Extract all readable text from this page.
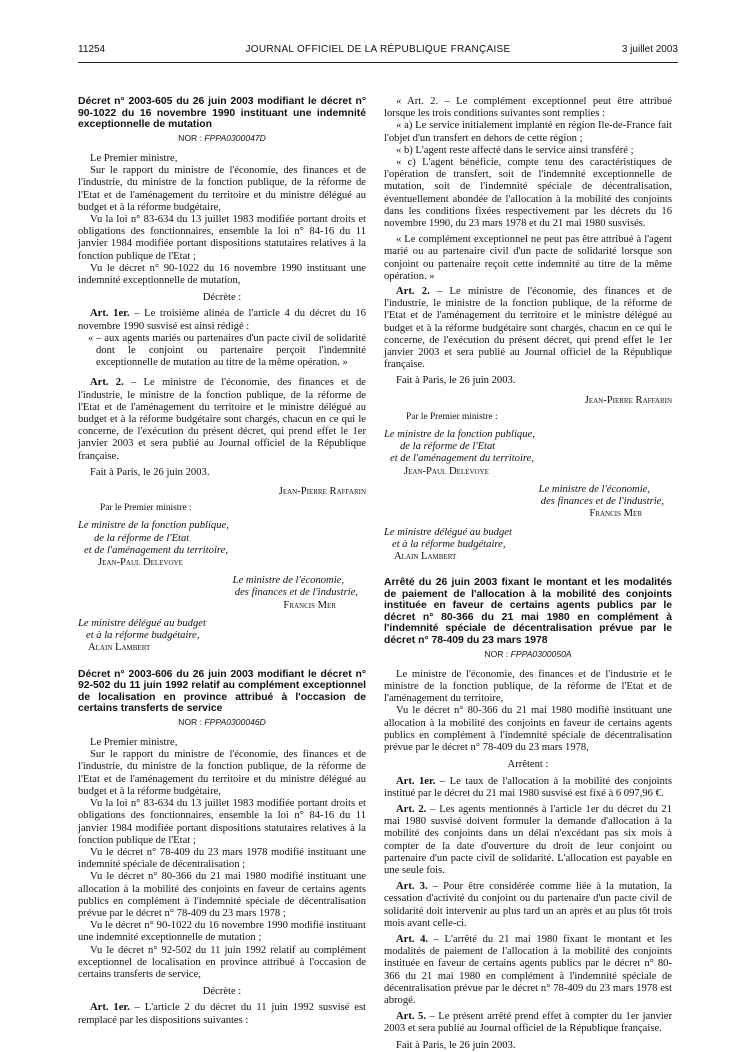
11254	JOURNAL OFFICIEL DE LA RÉPUBLIQUE FRANÇAISE	3 juillet 2003

Décret n° 2003-605 du 26 juin 2003 modifiant le décret n° 90-1022 du 16 novembre 1990 instituant une indemnité exceptionnelle de mutation

NOR : FPPA0300047D

Le Premier ministre,

Sur le rapport du ministre de l'économie, des finances et de l'industrie, du ministre de la fonction publique, de la réforme de l'Etat et de l'aménagement du territoire et du ministre délégué au budget et à la réforme budgétaire,

Vu la loi n° 83-634 du 13 juillet 1983 modifiée portant droits et obligations des fonctionnaires, ensemble la loi n° 84-16 du 11 janvier 1984 modifiée portant dispositions statutaires relatives à la fonction publique de l'Etat ;

Vu le décret n° 90-1022 du 16 novembre 1990 instituant une indemnité exceptionnelle de mutation,

Décrète :

Art. 1er. – Le troisième alinéa de l'article 4 du décret du 16 novembre 1990 susvisé est ainsi rédigé :

« – aux agents mariés ou partenaires d'un pacte civil de solidarité dont le conjoint ou partenaire perçoit l'indemnité exceptionnelle de mutation au titre de la même opération. »

Art. 2. – Le ministre de l'économie, des finances et de l'industrie, le ministre de la fonction publique, de la réforme de l'Etat et de l'aménagement du territoire et le ministre délégué au budget et à la réforme budgétaire sont chargés, chacun en ce qui le concerne, de l'exécution du présent décret, qui prend effet le 1er janvier 2003 et sera publié au Journal officiel de la République française.

Fait à Paris, le 26 juin 2003.

Jean-Pierre Raffarin

Par le Premier ministre :

Le ministre de la fonction publique,
de la réforme de l'Etat
et de l'aménagement du territoire,
Jean-Paul Delevoye
Le ministre de l'économie,
des finances et de l'industrie,
Francis Mer
Le ministre délégué au budget
et à la réforme budgétaire,
Alain Lambert

Décret n° 2003-606 du 26 juin 2003 modifiant le décret n° 92-502 du 11 juin 1992 relatif au complément exceptionnel de localisation en province attribué à l'occasion de certains transferts de service

NOR : FPPA0300046D

Le Premier ministre,

Sur le rapport du ministre de l'économie, des finances et de l'industrie, du ministre de la fonction publique, de la réforme de l'Etat et de l'aménagement du territoire et du ministre délégué au budget et à la réforme budgétaire,

Vu la loi n° 83-634 du 13 juillet 1983 modifiée portant droits et obligations des fonctionnaires, ensemble la loi n° 84-16 du 11 janvier 1984 modifiée portant dispositions statutaires relatives à la fonction publique de l'Etat ;

Vu le décret n° 78-409 du 23 mars 1978 modifié instituant une indemnité spéciale de décentralisation ;

Vu le décret n° 80-366 du 21 mai 1980 modifié instituant une allocation à la mobilité des conjoints en faveur de certains agents publics en complément à l'indemnité spéciale de décentralisation prévue par le décret n° 78-409 du 23 mars 1978 ;

Vu le décret n° 90-1022 du 16 novembre 1990 modifié instituant une indemnité exceptionnelle de mutation ;

Vu le décret n° 92-502 du 11 juin 1992 relatif au complément exceptionnel de localisation en province attribué à l'occasion de certains transferts de service,

Décrète :

Art. 1er. – L'article 2 du décret du 11 juin 1992 susvisé est remplacé par les dispositions suivantes :

« Art. 2. – Le complément exceptionnel peut être attribué lorsque les trois conditions suivantes sont remplies :

« a) Le service initialement implanté en région Ile-de-France fait l'objet d'un transfert en dehors de cette région ;

« b) L'agent reste affecté dans le service ainsi transféré ;

« c) L'agent bénéficie, compte tenu des caractéristiques de l'opération de transfert, soit de l'indemnité exceptionnelle de mutation, soit de l'indemnité spéciale de décentralisation, éventuellement abondée de l'allocation à la mobilité des conjoints dans les conditions fixées respectivement par les décrets du 16 novembre 1990, du 23 mars 1978 et du 21 mai 1980 susvisés.

« Le complément exceptionnel ne peut pas être attribué à l'agent marié ou au partenaire civil d'un pacte de solidarité lorsque son conjoint ou partenaire reçoit cette indemnité au titre de la même opération. »

Art. 2. – Le ministre de l'économie, des finances et de l'industrie, le ministre de la fonction publique, de la réforme de l'Etat et de l'aménagement du territoire et le ministre délégué au budget et à la réforme budgétaire sont chargés, chacun en ce qui le concerne, de l'exécution du présent décret, qui prend effet le 1er janvier 2003 et sera publié au Journal officiel de la République française.

Fait à Paris, le 26 juin 2003.

Jean-Pierre Raffarin

Par le Premier ministre :

Le ministre de la fonction publique,
de la réforme de l'Etat
et de l'aménagement du territoire,
Jean-Paul Delevoye
Le ministre de l'économie,
des finances et de l'industrie,
Francis Mer
Le ministre délégué au budget
et à la réforme budgétaire,
Alain Lambert

Arrêté du 26 juin 2003 fixant le montant et les modalités de paiement de l'allocation à la mobilité des conjoints instituée en faveur de certains agents publics par le décret n° 80-366 du 21 mai 1980 en complément à l'indemnité spéciale de décentralisation prévue par le décret n° 78-409 du 23 mars 1978

NOR : FPPA0300050A

Le ministre de l'économie, des finances et de l'industrie et le ministre de la fonction publique, de la réforme de l'Etat et de l'aménagement du territoire,

Vu le décret n° 80-366 du 21 mai 1980 modifié instituant une allocation à la mobilité des conjoints en faveur de certains agents publics en complément à l'indemnité spéciale de décentralisation prévue par le décret n° 78-409 du 23 mars 1978,

Arrêtent :

Art. 1er. – Le taux de l'allocation à la mobilité des conjoints institué par le décret du 21 mai 1980 susvisé est fixé à 6 097,96 €.

Art. 2. – Les agents mentionnés à l'article 1er du décret du 21 mai 1980 susvisé doivent formuler la demande d'allocation à la mobilité des conjoints dans un délai n'excédant pas six mois à compter de la date d'ouverture du droit de leur conjoint ou partenaire d'un pacte civil de solidarité. L'allocation est payable en une seule fois.

Art. 3. – Pour être considérée comme liée à la mutation, la cessation d'activité du conjoint ou du partenaire d'un pacte civil de solidarité doit intervenir au plus tard un an après et au plus tôt trois mois avant celle-ci.

Art. 4. – L'arrêté du 21 mai 1980 fixant le montant et les modalités de paiement de l'allocation à la mobilité des conjoints instituée en faveur de certains agents publics par le décret n° 80-366 du 21 mai 1980 en complément à l'indemnité spéciale de décentralisation prévue par le décret n° 78-409 du 23 mars 1978 est abrogé.

Art. 5. – Le présent arrêté prend effet à compter du 1er janvier 2003 et sera publié au Journal officiel de la République française.

Fait à Paris, le 26 juin 2003.
